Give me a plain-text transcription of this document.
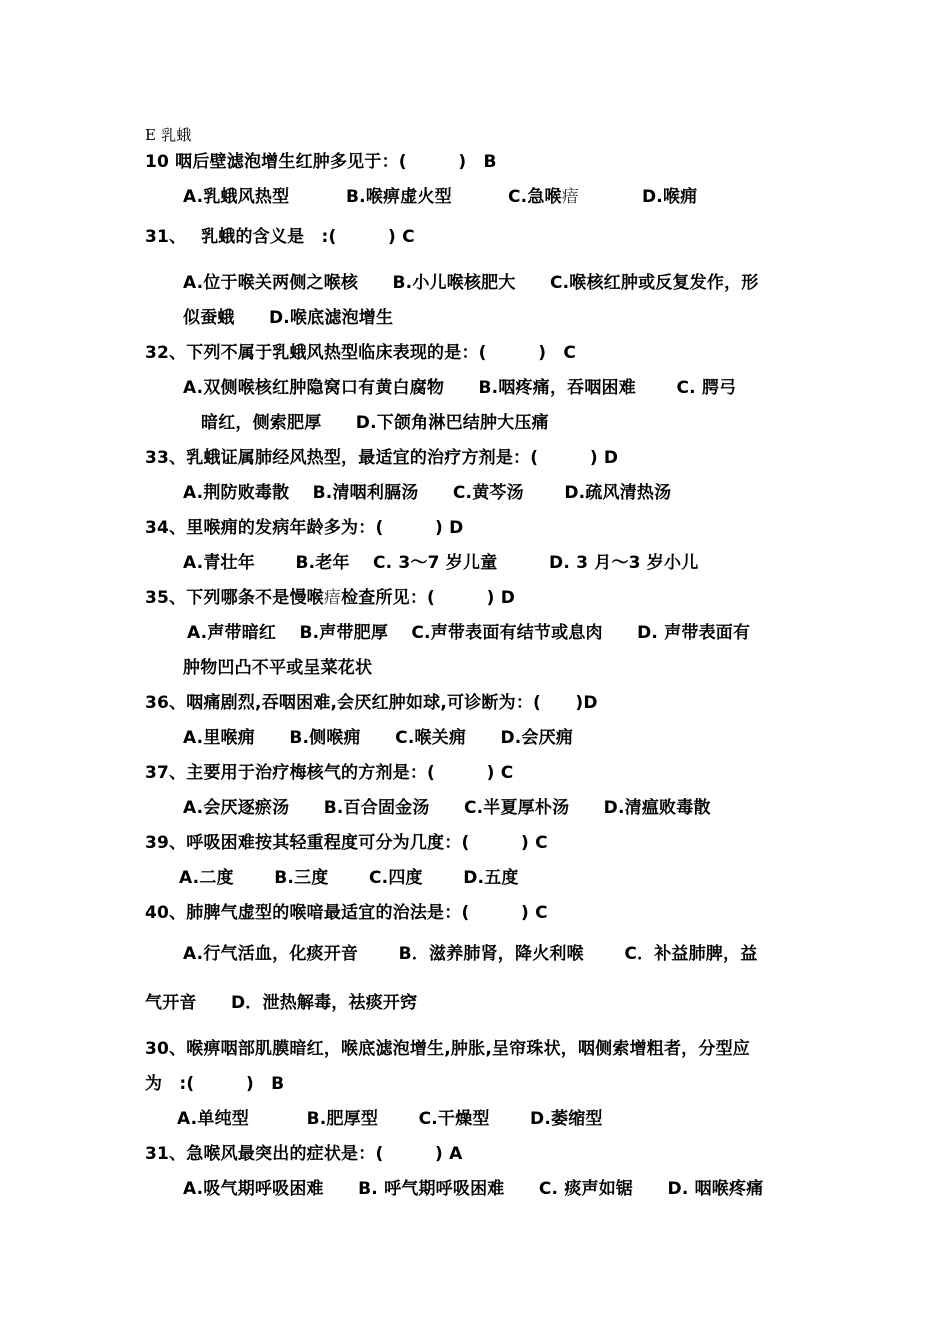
E 乳蛾
10 咽后壁滤泡增生红肿多见于：(　　　)　B
A.乳蛾风热型	B.喉痹虚火型	C.急喉瘖	D.喉痈
31、　 乳蛾的含义是　:(　　　) C
A.位于喉关两侧之喉核　　B.小儿喉核肥大　　C.喉核红肿或反复发作，形
似蚕蛾　　D.喉底滤泡增生
32、下列不属于乳蛾风热型临床表现的是：(　　　)　C
A.双侧喉核红肿隐窝口有黄白腐物　　B.咽疼痛，吞咽困难　　 C. 腭弓
暗红，侧索肥厚　　D.下颌角淋巴结肿大压痛
33、乳蛾证属肺经风热型，最适宜的治疗方剂是：(　　　) D
A.荆防败毒散　 B.清咽利膈汤　　C.黄芩汤　　 D.疏风清热汤
34、里喉痈的发病年龄多为：(　　　) D
A.青壮年　　 B.老年　 C. 3～7 岁儿童　　　D. 3 月～3 岁小儿
35、下列哪条不是慢喉瘖检查所见：(　　　) D
A.声带暗红　 B.声带肥厚　 C.声带表面有结节或息肉　　D. 声带表面有
肿物凹凸不平或呈菜花状
36、咽痛剧烈,吞咽困难,会厌红肿如球,可诊断为：(　　)D
A.里喉痈　　B.侧喉痈　　C.喉关痈　　D.会厌痈
37、主要用于治疗梅核气的方剂是：(　　　) C
A.会厌逐瘀汤　　B.百合固金汤　　C.半夏厚朴汤　　D.清瘟败毒散
39、呼吸困难按其轻重程度可分为几度：(　　　) C
A.二度　　 B.三度　　 C.四度　　 D.五度
40、肺脾气虚型的喉喑最适宜的治法是：(　　　) C
A.行气活血，化痰开音　　 B．滋养肺肾，降火利喉　　 C．补益肺脾，益
气开音　　D．泄热解毒，祛痰开窍
30、喉痹咽部肌膜暗红，喉底滤泡增生,肿胀,呈帘珠状，咽侧索增粗者，分型应
为　:(　　　)　B
A.单纯型　　　 B.肥厚型　　 C.干燥型　　 D.萎缩型
31、急喉风最突出的症状是：(　　　) A
A.吸气期呼吸困难　　B. 呼气期呼吸困难　　C. 痰声如锯　　D. 咽喉疼痛
